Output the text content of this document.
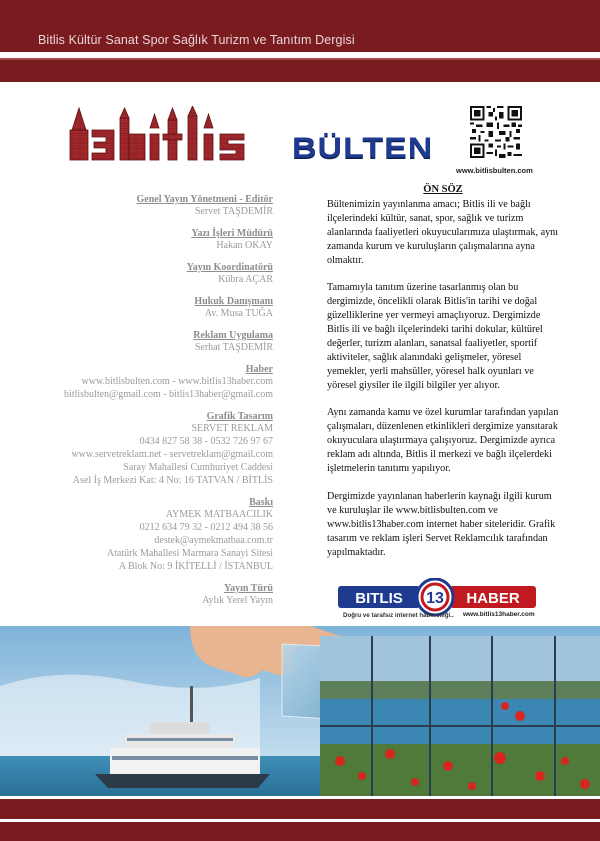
Bitlis Kültür Sanat Spor Sağlık Turizm ve Tanıtım Dergisi
BÜLTEN
www.bitlisbulten.com
Genel Yayın Yönetmeni - Editör
Servet TAŞDEMİR
Yazı İşleri Müdürü
Hakan OKAY
Yayın Koordinatörü
Kübra AÇAR
Hukuk Danışmanı
Av. Musa TUĞA
Reklam Uygulama
Serhat TAŞDEMİR
Haber
www.bitlisbulten.com - www.bitlis13haber.com
bitlisbulten@gmail.com - bitlis13haber@gmail.com
Grafik Tasarım
SERVET REKLAM
0434 827 58 38 - 0532 726 97 67
www.servetreklam.net - servetreklam@gmail.com
Saray Mahallesi Cumhuriyet Caddesi
Asel İş Merkezi Kat: 4 No: 16 TATVAN / BİTLİS
Baskı
AYMEK MATBAACILIK
0212 634 79 32 - 0212 494 38 56
destek@aymekmatbaa.com.tr
Atatürk Mahallesi Marmara Sanayi Sitesi
A Blok No: 9 İKİTELLİ / İSTANBUL
Yayın Türü
Aylık Yerel Yayın
ÖN SÖZ

Bültenimizin yayınlanma amacı; Bitlis ili ve bağlı ilçelerindeki kültür, sanat, spor, sağlık ve turizm alanlarında faaliyetleri okuyucularımıza ulaştırmak, aynı zamanda kurum ve kuruluşların çalışmalarına ayna olmaktır.

Tamamıyla tanıtım üzerine tasarlanmış olan bu dergimizde, öncelikli olarak Bitlis'in tarihi ve doğal güzelliklerine yer vermeyi amaçlıyoruz. Dergimizde Bitlis ili ve bağlı ilçelerindeki tarihi dokular, kültürel değerler, turizm alanları, sanatsal faaliyetler, sportif aktiviteler, sağlık alanındaki gelişmeler, yöresel yemekler, yerli mahsüller, yöresel halk oyunları ve yöresel giysiler ile ilgili bilgiler yer alıyor.

Aynı zamanda kamu ve özel kurumlar tarafından yapılan çalışmaları, düzenlenen etkinlikleri dergimize yansıtarak okuyuculara ulaştırmaya çalışıyoruz. Dergimizde ayrıca reklam adı altında, Bitlis il merkezi ve bağlı ilçelerdeki işletmelerin tanıtımı yapılıyor.

Dergimizde yayınlanan haberlerin kaynağı ilgili kurum ve kuruluşlar ile www.bitlisbulten.com ve www.bitlis13haber.com internet haber siteleridir. Grafik tasarım ve reklam işleri Servet Reklamcılık tarafından yapılmaktadır.

BITLIS 13 HABER
Doğru ve tarafsız internet haberciliği.. www.bitlis13haber.com
